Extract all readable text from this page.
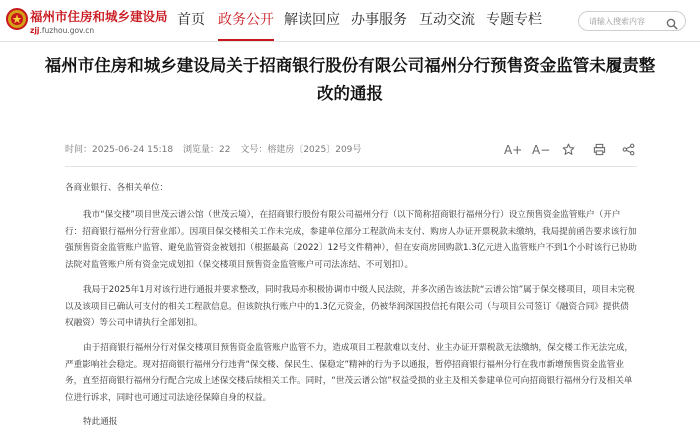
福州市住房和城乡建设局
zjj.fuzhou.gov.cn
首页 政务公开 解读回应 办事服务 互动交流 专题专栏
请输入搜索内容
福州市住房和城乡建设局关于招商银行股份有限公司福州分行预售资金监管未履责整改的通报
时间：2025-06-24 15:18 浏览量：22 文号：榕建房〔2025〕209号	A+ A−

各商业银行、各相关单位：

我市“保交楼”项目世茂云谱公馆（世茂云境），在招商银行股份有限公司福州分行（以下简称招商银行福州分行）设立预售资金监管账户（开户行：招商银行福州分行营业部）。因项目保交楼相关工作未完成，参建单位部分工程款尚未支付、购房人办证开票税款未缴纳，我局提前函告要求该行加强预售资金监管账户监管、避免监管资金被划扣（根据最高〔2022〕12号文件精神），但在安商房回购款1.3亿元进入监管账户不到1个小时该行已协助法院对监管账户所有资金完成划扣（保交楼项目预售资金监管账户可司法冻结、不可划扣）。

我局于2025年1月对该行进行通报并要求整改，同时我局亦积极协调市中级人民法院，并多次函告该法院“云谱公馆”属于保交楼项目，项目未完税以及该项目已确认可支付的相关工程款信息。但该院执行账户中的1.3亿元资金，仍被华润深国投信托有限公司（与项目公司签订《融资合同》提供债权融资）等公司申请执行全部划扣。

由于招商银行福州分行对保交楼项目预售资金监管账户监管不力，造成项目工程款难以支付、业主办证开票税款无法缴纳，保交楼工作无法完成，严重影响社会稳定。现对招商银行福州分行违背“保交楼、保民生、保稳定”精神的行为予以通报，暂停招商银行福州分行在我市新增预售资金监管业务，直至招商银行福州分行配合完成上述保交楼后续相关工作。同时，“世茂云谱公馆”权益受损的业主及相关参建单位可向招商银行福州分行及相关单位进行诉求，同时也可通过司法途径保障自身的权益。

特此通报
